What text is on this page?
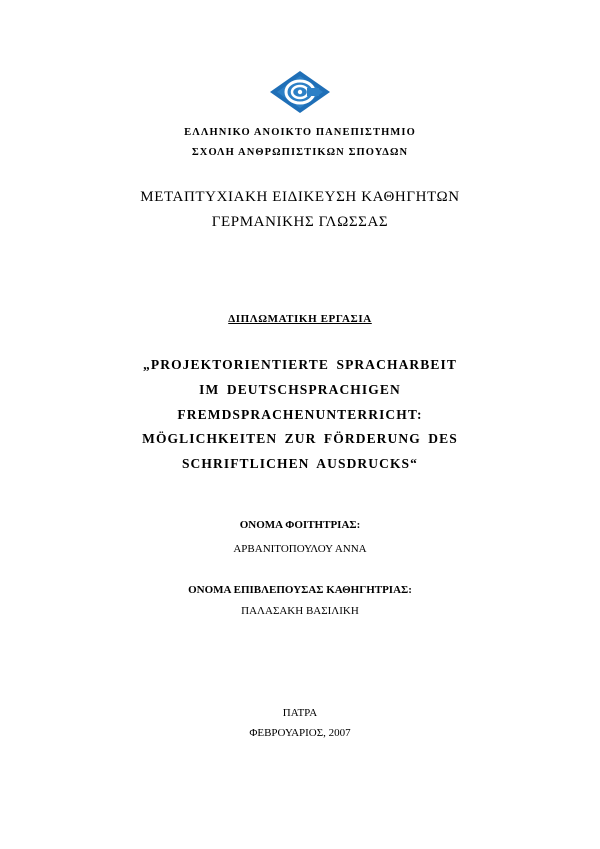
ΕΛΛΗΝΙΚΟ ΑΝΟΙΚΤΟ ΠΑΝΕΠΙΣΤΗΜΙΟ
ΣΧΟΛΗ ΑΝΘΡΩΠΙΣΤΙΚΩΝ ΣΠΟΥΔΩΝ
ΜΕΤΑΠΤΥΧΙΑΚΗ ΕΙΔΙΚΕΥΣΗ ΚΑΘΗΓΗΤΩΝ
ΓΕΡΜΑΝΙΚΗΣ ΓΛΩΣΣΑΣ
ΔΙΠΛΩΜΑΤΙΚΗ ΕΡΓΑΣΙΑ
„PROJEKTORIENTIERTE SPRACHARBEIT
IM DEUTSCHSPRACHIGEN
FREMDSPRACHENUNTERRICHT:
MÖGLICHKEITEN ZUR FÖRDERUNG DES
SCHRIFTLICHEN AUSDRUCKS“
ΟΝΟΜΑ ΦΟΙΤΗΤΡΙΑΣ:
ΑΡΒΑΝΙΤΟΠΟΥΛΟΥ ΑΝΝΑ
ΟΝΟΜΑ ΕΠΙΒΛΕΠΟΥΣΑΣ ΚΑΘΗΓΗΤΡΙΑΣ:
ΠΑΛΑΣΑΚΗ ΒΑΣΙΛΙΚΗ
ΠΑΤΡΑ
ΦΕΒΡΟΥΑΡΙΟΣ, 2007
